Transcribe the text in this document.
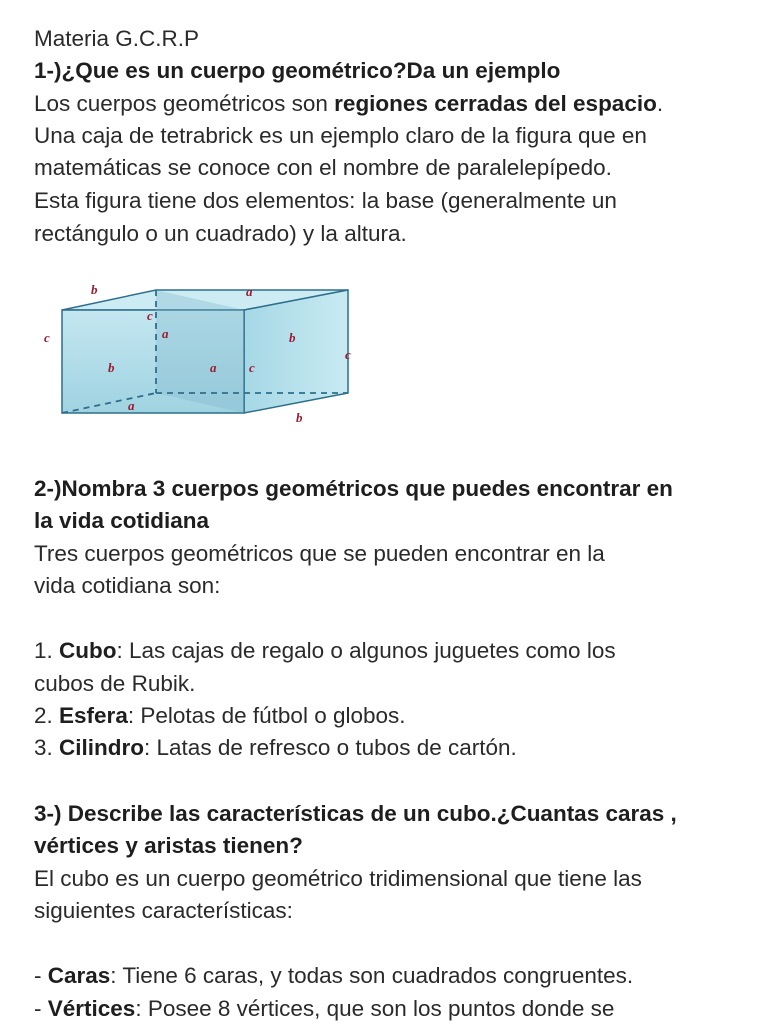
Materia G.C.R.P

1-)¿Que es un cuerpo geométrico?Da un ejemplo

Los cuerpos geométricos son regiones cerradas del espacio.

Una caja de tetrabrick es un ejemplo claro de la figura que en

matemáticas se conoce con el nombre de paralelepípedo.

Esta figura tiene dos elementos: la base (generalmente un

rectángulo o un cuadrado) y la altura.

b	a
c
c
a	b
c
b	a	c
a
b

2-)Nombra 3 cuerpos geométricos que puedes encontrar en

la vida cotidiana

Tres cuerpos geométricos que se pueden encontrar en la

vida cotidiana son:

1. Cubo: Las cajas de regalo o algunos juguetes como los

cubos de Rubik.

2. Esfera: Pelotas de fútbol o globos.

3. Cilindro: Latas de refresco o tubos de cartón.

3-) Describe las características de un cubo.¿Cuantas caras ,

vértices y aristas tienen?

El cubo es un cuerpo geométrico tridimensional que tiene las

siguientes características:

- Caras: Tiene 6 caras, y todas son cuadrados congruentes.

- Vértices: Posee 8 vértices, que son los puntos donde se
